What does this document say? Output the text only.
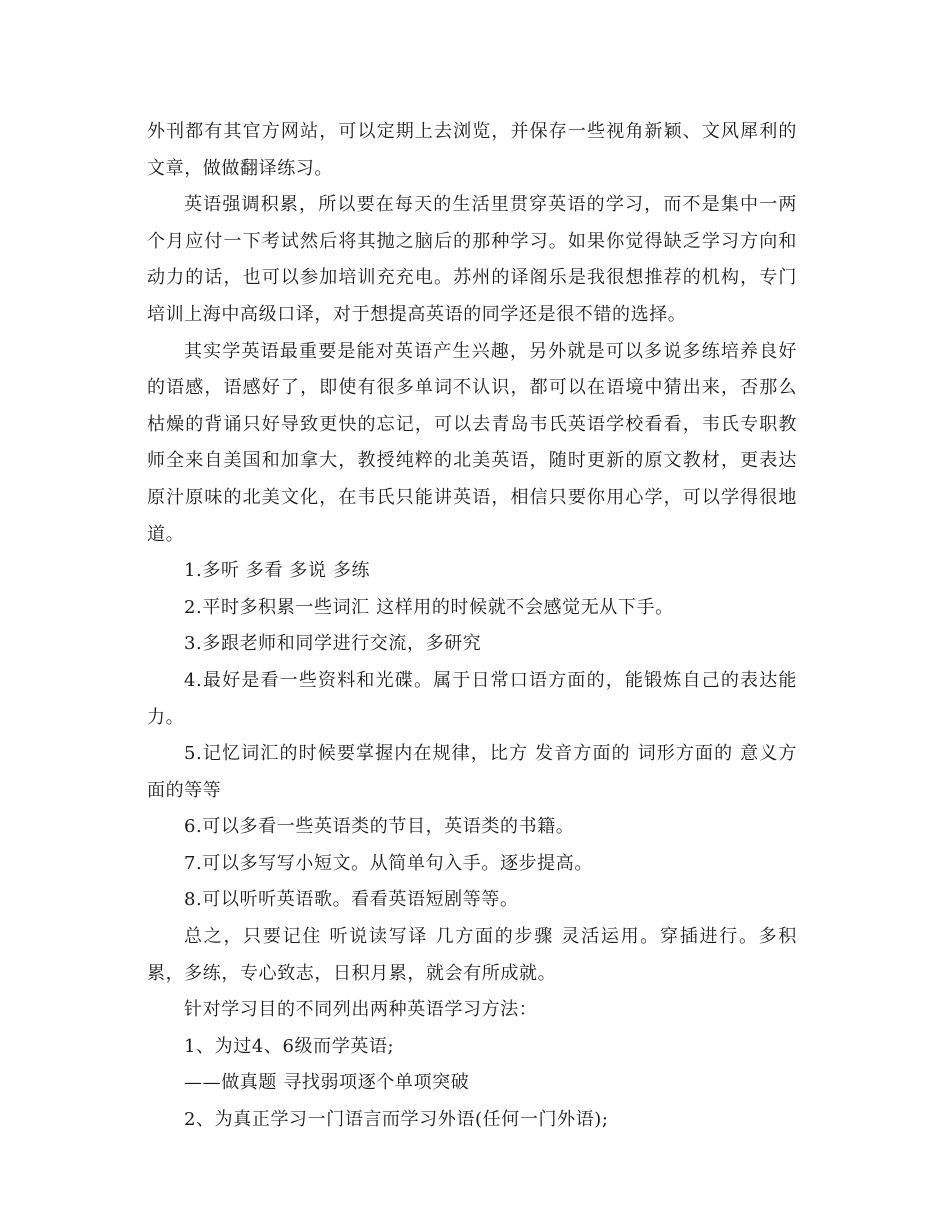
外刊都有其官方网站，可以定期上去浏览，并保存一些视角新颖、文风犀利的文章，做做翻译练习。

英语强调积累，所以要在每天的生活里贯穿英语的学习，而不是集中一两个月应付一下考试然后将其抛之脑后的那种学习。如果你觉得缺乏学习方向和动力的话，也可以参加培训充充电。苏州的译阁乐是我很想推荐的机构，专门培训上海中高级口译，对于想提高英语的同学还是很不错的选择。

其实学英语最重要是能对英语产生兴趣，另外就是可以多说多练培养良好的语感，语感好了，即使有很多单词不认识，都可以在语境中猜出来，否那么枯燥的背诵只好导致更快的忘记，可以去青岛韦氏英语学校看看，韦氏专职教师全来自美国和加拿大，教授纯粹的北美英语，随时更新的原文教材，更表达原汁原味的北美文化，在韦氏只能讲英语，相信只要你用心学，可以学得很地道。

1.多听 多看 多说 多练

2.平时多积累一些词汇 这样用的时候就不会感觉无从下手。

3.多跟老师和同学进行交流，多研究

4.最好是看一些资料和光碟。属于日常口语方面的，能锻炼自己的表达能力。

5.记忆词汇的时候要掌握内在规律，比方 发音方面的 词形方面的 意义方面的等等

6.可以多看一些英语类的节目，英语类的书籍。

7.可以多写写小短文。从简单句入手。逐步提高。

8.可以听听英语歌。看看英语短剧等等。

总之，只要记住 听说读写译 几方面的步骤 灵活运用。穿插进行。多积累，多练，专心致志，日积月累，就会有所成就。

针对学习目的不同列出两种英语学习方法：

1、为过4、6级而学英语;

——做真题 寻找弱项逐个单项突破

2、为真正学习一门语言而学习外语(任何一门外语);
